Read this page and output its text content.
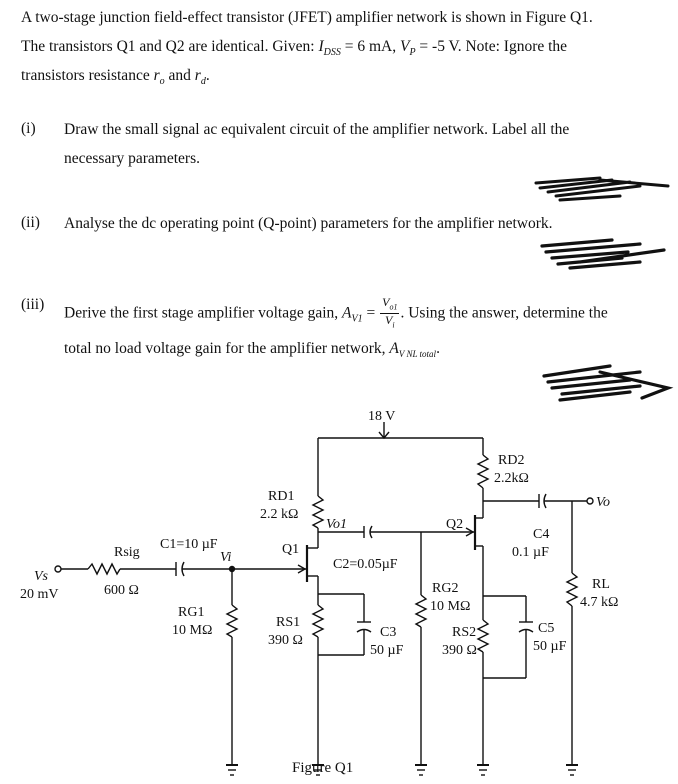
A two-stage junction field-effect transistor (JFET) amplifier network is shown in Figure Q1.
The transistors Q1 and Q2 are identical. Given: $I_{DSS} = 6$ mA, $V_P = -5$ V. Note: Ignore the
transistors resistance $r_o$ and $r_d$.
(i) Draw the small signal ac equivalent circuit of the amplifier network. Label all the
necessary parameters.
(ii) Analyse the dc operating point (Q-point) parameters for the amplifier network.
(iii) Derive the first stage amplifier voltage gain, $A_{V1} = \frac{V_{o1}}{V_i}$ . Using the answer, determine the
total no load voltage gain for the amplifier network, $A_{V NL total}$.
18 V
RD1
2.2 kΩ
RD2
2.2kΩ
Vo1
Q1
Q2
C1=10 µF
C2=0.05µF
C3
50 µF
C4
0.1 µF
C5
50 µF
Rsig
600 Ω
Vs
20 mV
Vi
RG1
10 MΩ
RS1
390 Ω
RG2
10 MΩ
RS2
390 Ω
RL
4.7 kΩ
Vo
Figure Q1
